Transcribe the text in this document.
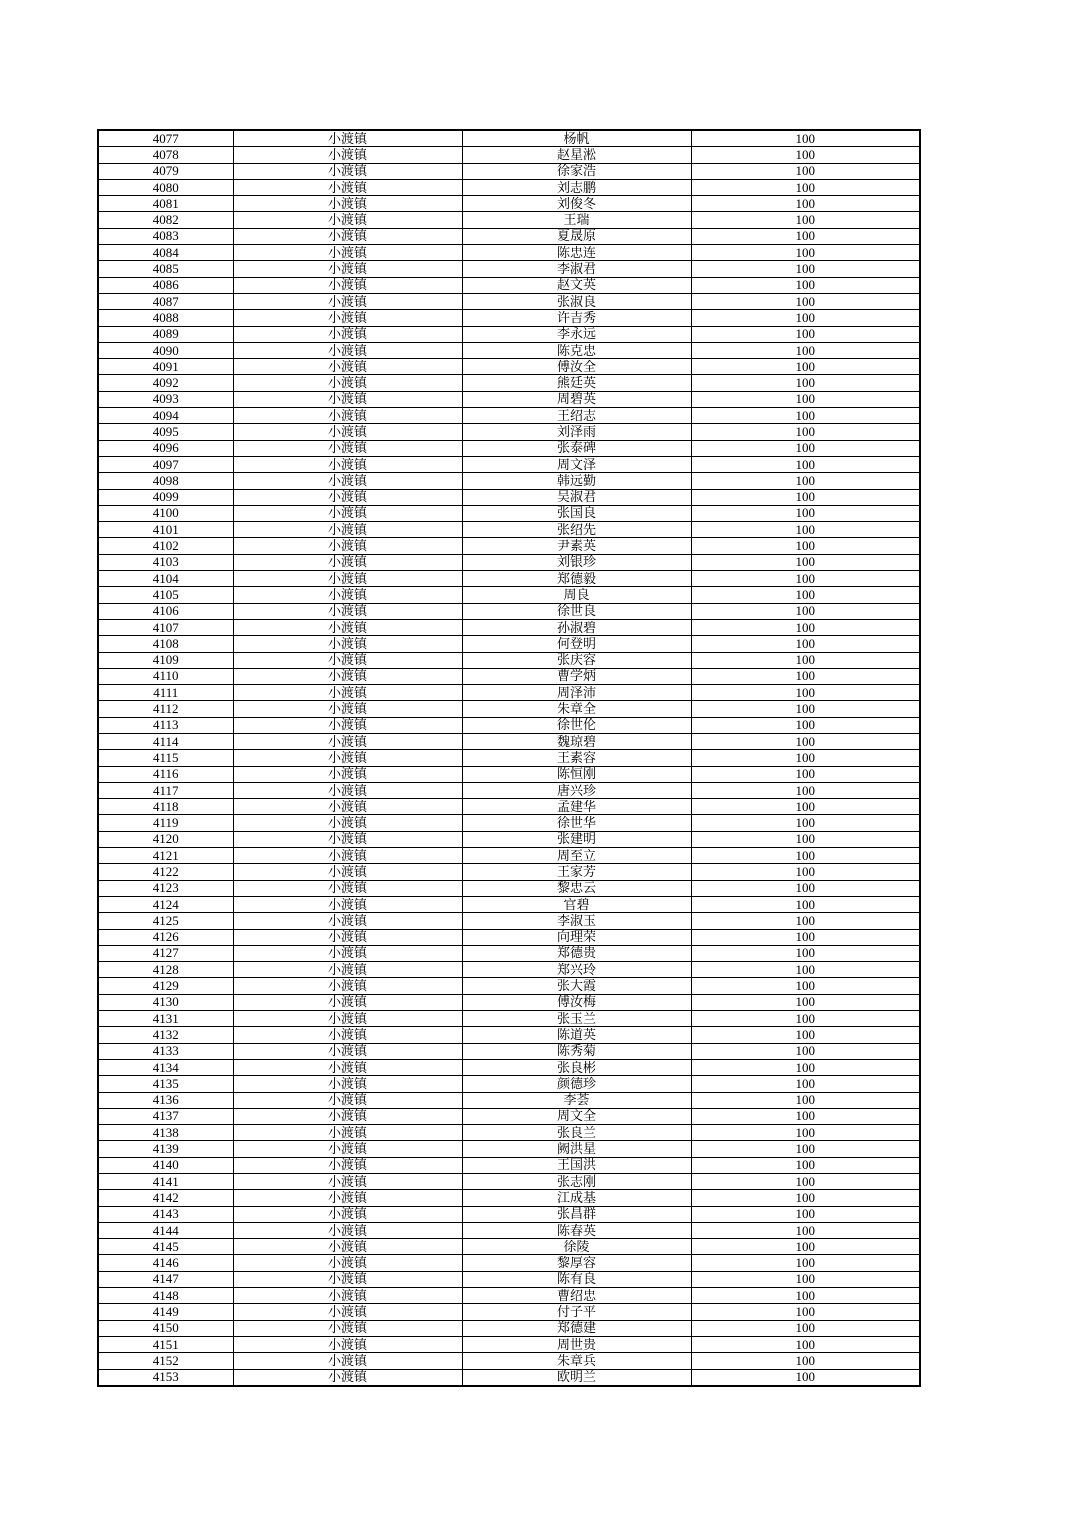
4077	小渡镇	杨帆	100
4078	小渡镇	赵星淞	100
4079	小渡镇	徐家浩	100
4080	小渡镇	刘志鹏	100
4081	小渡镇	刘俊冬	100
4082	小渡镇	王瑞	100
4083	小渡镇	夏晟原	100
4084	小渡镇	陈忠连	100
4085	小渡镇	李淑君	100
4086	小渡镇	赵文英	100
4087	小渡镇	张淑良	100
4088	小渡镇	许吉秀	100
4089	小渡镇	李永远	100
4090	小渡镇	陈克忠	100
4091	小渡镇	傅汝全	100
4092	小渡镇	熊廷英	100
4093	小渡镇	周碧英	100
4094	小渡镇	王绍志	100
4095	小渡镇	刘泽雨	100
4096	小渡镇	张泰碑	100
4097	小渡镇	周文泽	100
4098	小渡镇	韩远勤	100
4099	小渡镇	吴淑君	100
4100	小渡镇	张国良	100
4101	小渡镇	张绍先	100
4102	小渡镇	尹素英	100
4103	小渡镇	刘银珍	100
4104	小渡镇	郑德毅	100
4105	小渡镇	周良	100
4106	小渡镇	徐世良	100
4107	小渡镇	孙淑碧	100
4108	小渡镇	何登明	100
4109	小渡镇	张庆容	100
4110	小渡镇	曹学炳	100
4111	小渡镇	周泽沛	100
4112	小渡镇	朱章全	100
4113	小渡镇	徐世伦	100
4114	小渡镇	魏琼碧	100
4115	小渡镇	王素容	100
4116	小渡镇	陈恒刚	100
4117	小渡镇	唐兴珍	100
4118	小渡镇	孟建华	100
4119	小渡镇	徐世华	100
4120	小渡镇	张建明	100
4121	小渡镇	周至立	100
4122	小渡镇	王家芳	100
4123	小渡镇	黎忠云	100
4124	小渡镇	官碧	100
4125	小渡镇	李淑玉	100
4126	小渡镇	向理荣	100
4127	小渡镇	郑德贵	100
4128	小渡镇	郑兴玲	100
4129	小渡镇	张大霞	100
4130	小渡镇	傅汝梅	100
4131	小渡镇	张玉兰	100
4132	小渡镇	陈道英	100
4133	小渡镇	陈秀菊	100
4134	小渡镇	张良彬	100
4135	小渡镇	颜德珍	100
4136	小渡镇	李荟	100
4137	小渡镇	周文全	100
4138	小渡镇	张良兰	100
4139	小渡镇	阙洪星	100
4140	小渡镇	王国洪	100
4141	小渡镇	张志刚	100
4142	小渡镇	江成基	100
4143	小渡镇	张昌群	100
4144	小渡镇	陈春英	100
4145	小渡镇	徐陵	100
4146	小渡镇	黎厚容	100
4147	小渡镇	陈有良	100
4148	小渡镇	曹绍忠	100
4149	小渡镇	付子平	100
4150	小渡镇	郑德建	100
4151	小渡镇	周世贵	100
4152	小渡镇	朱章兵	100
4153	小渡镇	欧明兰	100
